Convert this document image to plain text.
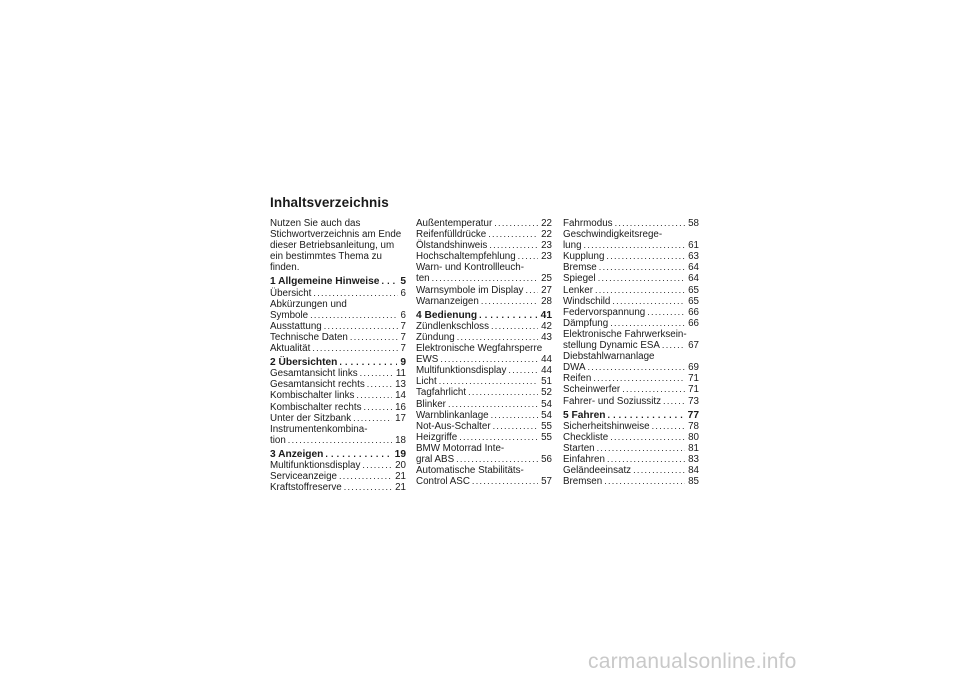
Inhaltsverzeichnis

Nutzen Sie auch das Stichwortverzeichnis am Ende dieser Betriebsanleitung, um ein bestimmtes Thema zu finden.

1 Allgemeine Hinweise . . . 5
Übersicht . . .	6
Abkürzungen und
Symbole . . .	6
Ausstattung . . .	7
Technische Daten . . .	7
Aktualität . . .	7
2 Übersichten . . .	9
Gesamtansicht links . . .	11
Gesamtansicht rechts . . .	13
Kombischalter links . . .	14
Kombischalter rechts . . .	16
Unter der Sitzbank . . .	17
Instrumentenkombina-
tion . . .	18
3 Anzeigen . . .	19
Multifunktionsdisplay . . .	20
Serviceanzeige . . .	21
Kraftstoffreserve . . .	21
Außentemperatur . . .	22
Reifenfülldrücke . . .	22
Ölstandshinweis . . .	23
Hochschaltempfehlung . . .	23
Warn- und Kontrollleuch-
ten . . .	25
Warnsymbole im Display . . . 27
Warnanzeigen . . .	28
4 Bedienung . . .	41
Zündlenkschloss . . .	42
Zündung . . .	43
Elektronische Wegfahrsperre
EWS . . .	44
Multifunktionsdisplay . . .	44
Licht . . .	51
Tagfahrlicht . . .	52
Blinker . . .	54
Warnblinkanlage . . .	54
Not-Aus-Schalter . . .	55
Heizgriffe . . .	55
BMW Motorrad Inte-
gral ABS . . .	56
Automatische Stabilitäts-
Control ASC . . .	57
Fahrmodus . . .	58
Geschwindigkeitsrege-
lung . . .	61
Kupplung . . .	63
Bremse . . .	64
Spiegel . . .	64
Lenker . . .	65
Windschild . . .	65
Federvorspannung . . .	66
Dämpfung . . .	66
Elektronische Fahrwerksein-
stellung Dynamic ESA . . .	67
Diebstahlwarnanlage
DWA . . .	69
Reifen . . .	71
Scheinwerfer . . .	71
Fahrer- und Soziussitz . . .	73
5 Fahren . . .	77
Sicherheitshinweise . . .	78
Checkliste . . .	80
Starten . . .	81
Einfahren . . .	83
Geländeeinsatz . . .	84
Bremsen . . .	85
carmanualsonline.info
